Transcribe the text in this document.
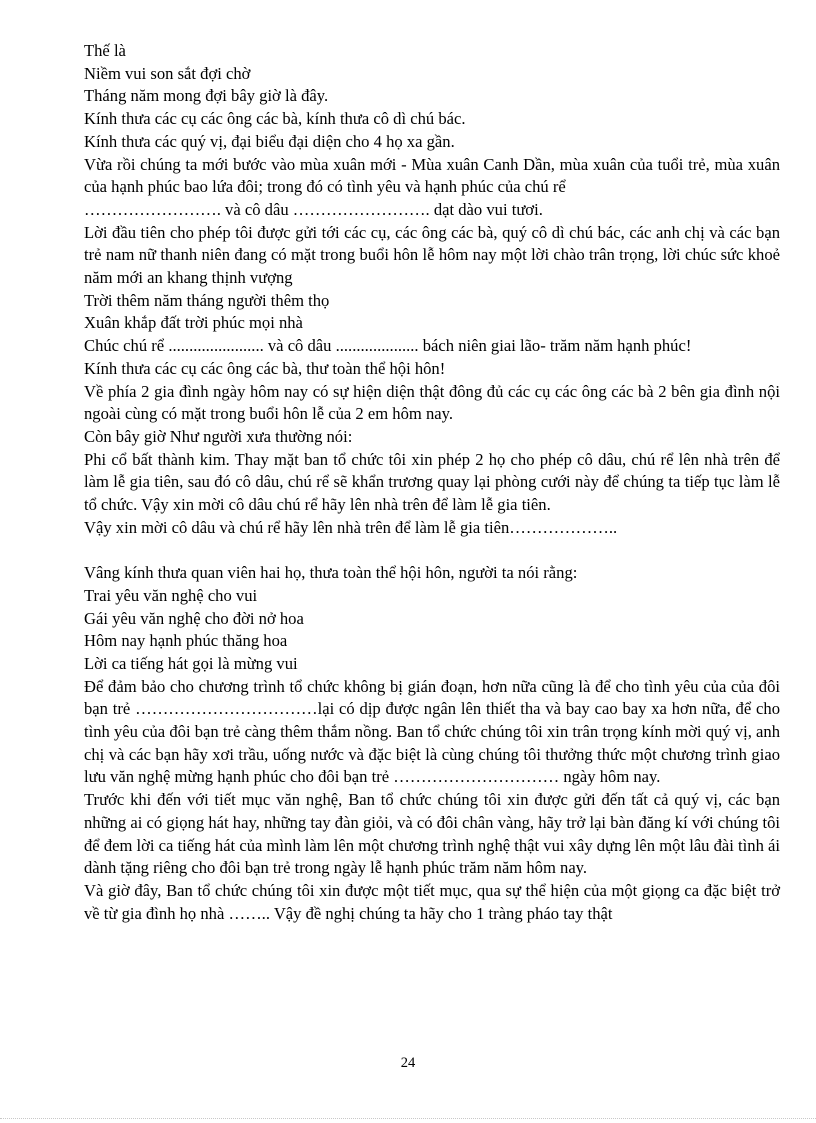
Thế là
Niềm vui son sắt đợi chờ
Tháng năm mong đợi bây giờ là đây.
Kính thưa các cụ các ông các bà, kính thưa cô dì chú bác.
Kính thưa các quý vị, đại biểu đại diện cho 4 họ xa gần.
Vừa rồi chúng ta mới bước vào mùa xuân mới - Mùa xuân Canh Dần, mùa xuân của tuổi trẻ, mùa xuân của hạnh phúc bao lứa đôi; trong đó có tình yêu và hạnh phúc của chú rể
……………………. và cô dâu ……………………. dạt dào vui tươi.
Lời đầu tiên cho phép tôi được gửi tới các cụ, các ông các bà, quý cô dì chú bác, các anh chị và các bạn trẻ nam nữ thanh niên đang có mặt trong buổi hôn lễ hôm nay một lời chào trân trọng, lời chúc sức khoẻ năm mới an khang thịnh vượng
Trời thêm năm tháng người thêm thọ
Xuân khắp đất trời phúc mọi nhà
Chúc chú rể ....................... và cô dâu .................... bách niên giai lão- trăm năm hạnh phúc!
Kính thưa các cụ các ông các bà, thư toàn thể hội hôn!
Về phía 2 gia đình ngày hôm nay có sự hiện diện thật đông đủ các cụ các ông các bà 2 bên gia đình nội ngoài cùng có mặt trong buổi hôn lễ của 2 em hôm nay.
Còn bây giờ Như người xưa thường nói:
Phi cổ bất thành kim. Thay mặt ban tổ chức tôi xin phép 2 họ cho phép cô dâu, chú rể lên nhà trên để làm lễ gia tiên, sau đó cô dâu, chú rể sẽ khẩn trương quay lại phòng cưới này để chúng ta tiếp tục làm lễ tổ chức. Vậy xin mời cô dâu chú rể hãy lên nhà trên để làm lễ gia tiên.
Vậy xin mời cô dâu và chú rể hãy lên nhà trên để làm lễ gia tiên………………..
Vâng kính thưa quan viên hai họ, thưa toàn thể hội hôn, người ta nói rằng:
Trai yêu văn nghệ cho vui
Gái yêu văn nghệ cho đời nở hoa
Hôm nay hạnh phúc thăng hoa
Lời ca tiếng hát gọi là mừng vui
Để đảm bảo cho chương trình tổ chức không bị gián đoạn, hơn nữa cũng là để cho tình yêu của của đôi bạn trẻ ……………………………lại có dịp được ngân lên thiết tha và bay cao bay xa hơn nữa, để cho tình yêu của đôi bạn trẻ càng thêm thắm nồng. Ban tổ chức chúng tôi xin trân trọng kính mời quý vị, anh chị và các bạn hãy xơi trầu, uống nước và đặc biệt là cùng chúng tôi thưởng thức một chương trình giao lưu văn nghệ mừng hạnh phúc cho đôi bạn trẻ ………………………… ngày hôm nay.
Trước khi đến với tiết mục văn nghệ, Ban tổ chức chúng tôi xin được gửi đến tất cả quý vị, các bạn những ai có giọng hát hay, những tay đàn giỏi, và có đôi chân vàng, hãy trở lại bàn đăng kí với chúng tôi để đem lời ca tiếng hát của mình làm lên một chương trình nghệ thật vui xây dựng lên một lâu đài tình ái dành tặng riêng cho đôi bạn trẻ trong ngày lễ hạnh phúc trăm năm hôm nay.
Và giờ đây, Ban tổ chức chúng tôi xin được một tiết mục, qua sự thể hiện của một giọng ca đặc biệt trở về từ gia đình họ nhà …….. Vậy đề nghị chúng ta hãy cho 1 tràng pháo tay thật
24
